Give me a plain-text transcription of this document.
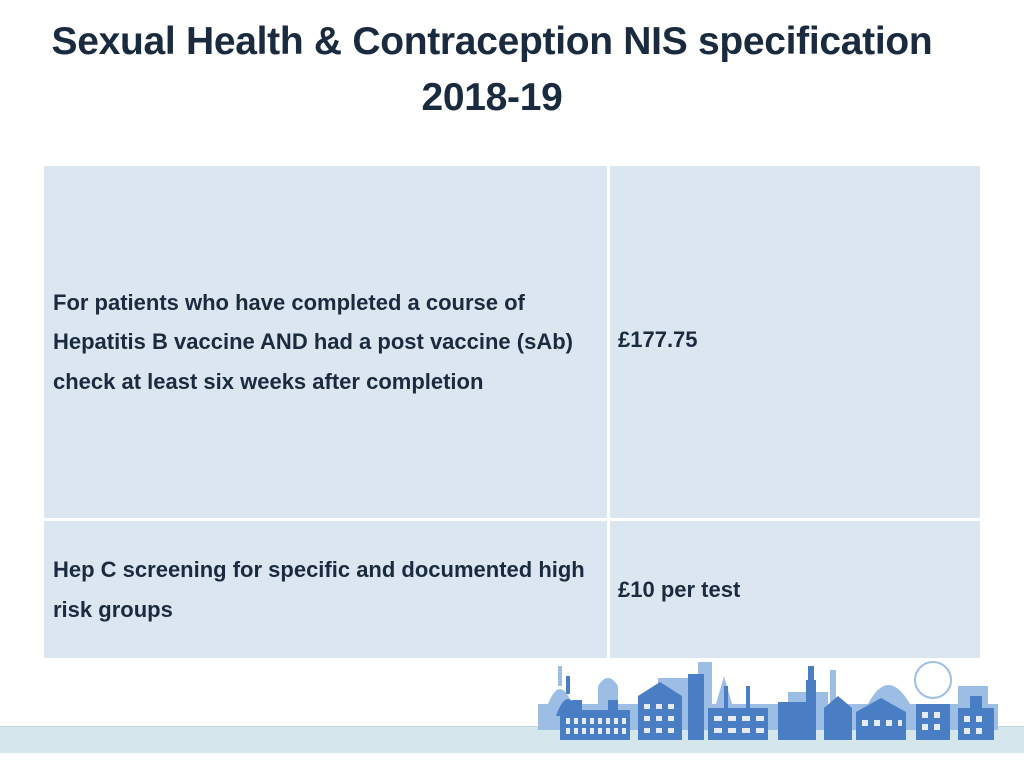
Sexual Health & Contraception NIS specification
2018-19
For patients who have completed a course of Hepatitis B vaccine AND had a post vaccine (sAb) check at least six weeks after completion
£177.75
Hep C screening for specific and documented high risk groups
£10 per test
